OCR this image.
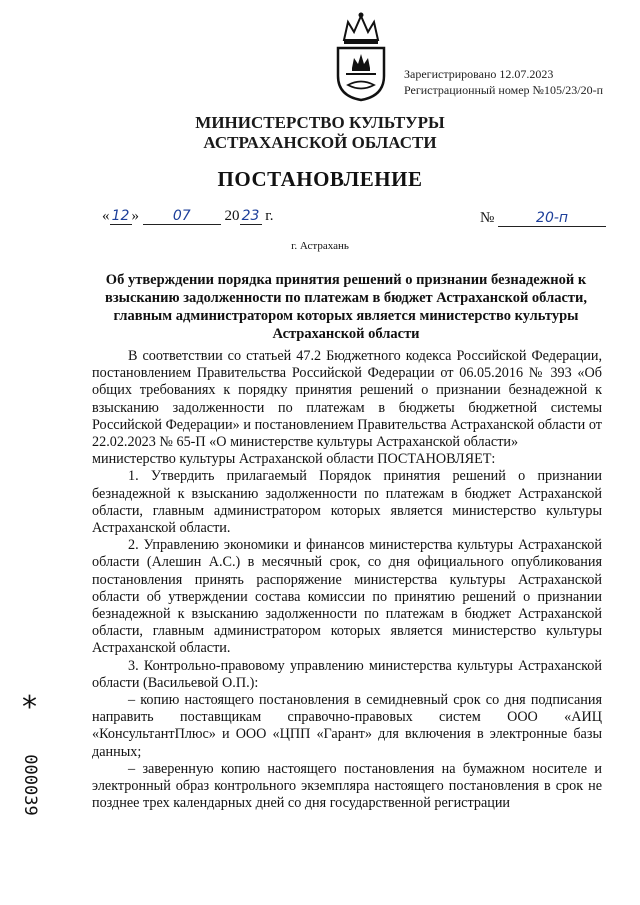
Зарегистрировано 12.07.2023
Регистрационный номер №105/23/20-п
МИНИСТЕРСТВО КУЛЬТУРЫ
АСТРАХАНСКОЙ ОБЛАСТИ
ПОСТАНОВЛЕНИЕ
« 12 » 07 20 23 г.	№	20-п
г. Астрахань
Об утверждении порядка принятия решений о признании безнадежной к взысканию задолженности по платежам в бюджет Астраханской области, главным администратором которых является министерство культуры Астраханской области

В соответствии со статьей 47.2 Бюджетного кодекса Российской Федерации, постановлением Правительства Российской Федерации от 06.05.2016 № 393 «Об общих требованиях к порядку принятия решений о признании безнадежной к взысканию задолженности по платежам в бюджеты бюджетной системы Российской Федерации» и постановлением Правительства Астраханской области от 22.02.2023 № 65-П «О министерстве культуры Астраханской области»

министерство культуры Астраханской области ПОСТАНОВЛЯЕТ:

1. Утвердить прилагаемый Порядок принятия решений о признании безнадежной к взысканию задолженности по платежам в бюджет Астраханской области, главным администратором которых является министерство культуры Астраханской области.

2. Управлению экономики и финансов министерства культуры Астраханской области (Алешин А.С.) в месячный срок, со дня официального опубликования постановления принять распоряжение министерства культуры Астраханской области об утверждении состава комиссии по принятию решений о признании безнадежной к взысканию задолженности по платежам в бюджет Астраханской области, главным администратором которых является министерство культуры Астраханской области.

3. Контрольно-правовому управлению министерства культуры Астраханской области (Васильевой О.П.):

– копию настоящего постановления в семидневный срок со дня подписания направить поставщикам справочно-правовых систем ООО «АИЦ «КонсультантПлюс» и ООО «ЦПП «Гарант» для включения в электронные базы данных;

– заверенную копию настоящего постановления на бумажном носителе и электронный образ контрольного экземпляра настоящего постановления в срок не позднее трех календарных дней со дня государственной регистрации

*
000039
